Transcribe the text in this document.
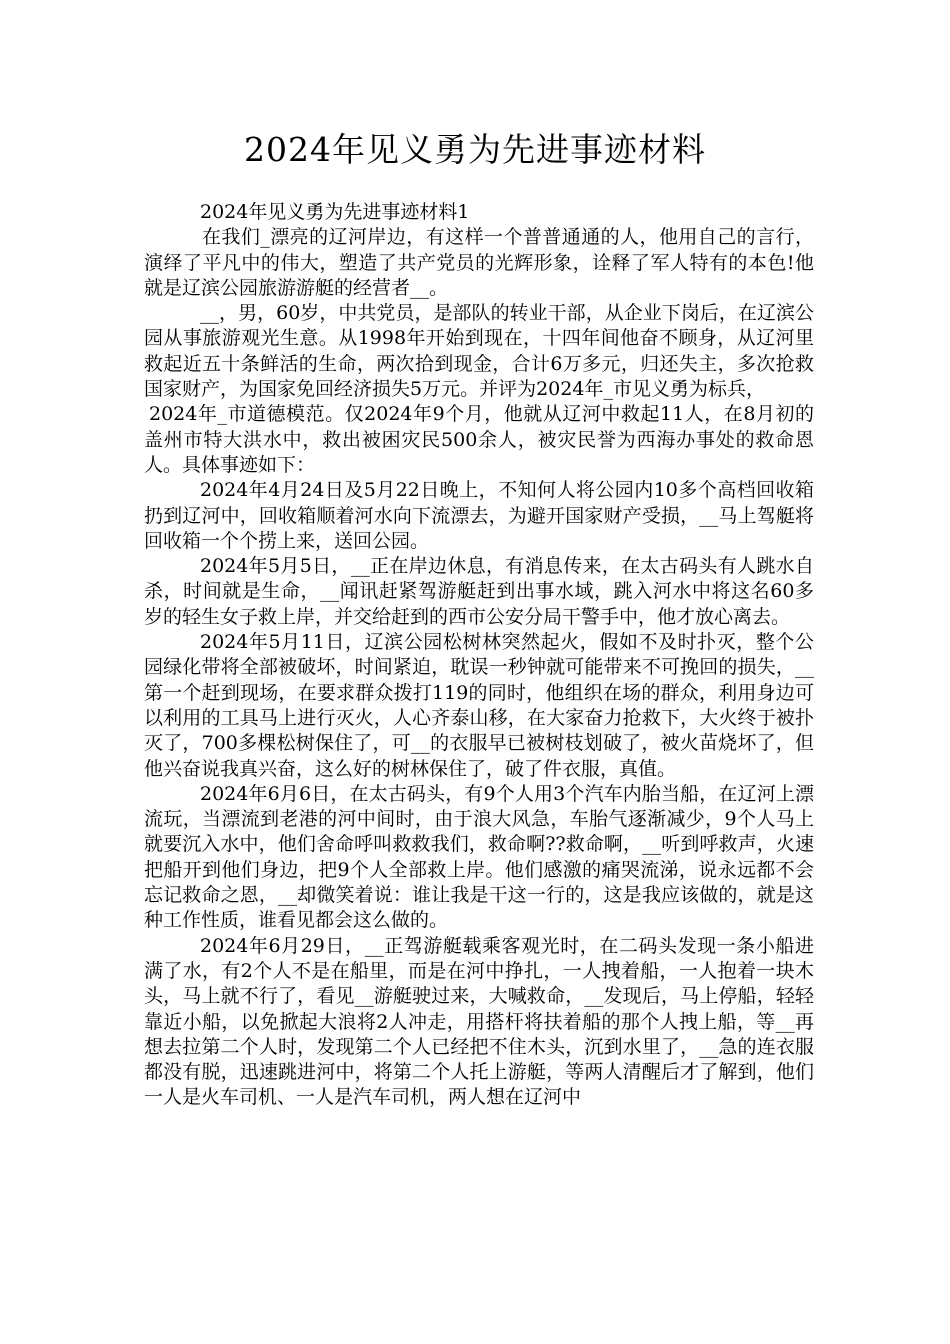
2024年见义勇为先进事迹材料

2024年见义勇为先进事迹材料1

在我们_漂亮的辽河岸边，有这样一个普普通通的人，他用自己的言行，演绎了平凡中的伟大，塑造了共产党员的光辉形象，诠释了军人特有的本色!他就是辽滨公园旅游游艇的经营者__。

__，男，60岁，中共党员，是部队的转业干部，从企业下岗后，在辽滨公园从事旅游观光生意。从1998年开始到现在，十四年间他奋不顾身，从辽河里救起近五十条鲜活的生命，两次拾到现金，合计6万多元，归还失主，多次抢救国家财产，为国家免回经济损失5万元。并评为2024年_市见义勇为标兵，

2024年_市道德模范。仅2024年9个月，他就从辽河中救起11人，在8月初的盖州市特大洪水中，救出被困灾民500余人，被灾民誉为西海办事处的救命恩人。具体事迹如下：

2024年4月24日及5月22日晚上，不知何人将公园内10多个高档回收箱扔到辽河中，回收箱顺着河水向下流漂去，为避开国家财产受损，__马上驾艇将回收箱一个个捞上来，送回公园。

2024年5月5日，__正在岸边休息，有消息传来，在太古码头有人跳水自杀，时间就是生命，__闻讯赶紧驾游艇赶到出事水域，跳入河水中将这名60多岁的轻生女子救上岸，并交给赶到的西市公安分局干警手中，他才放心离去。

2024年5月11日，辽滨公园松树林突然起火，假如不及时扑灭，整个公园绿化带将全部被破坏，时间紧迫，耽误一秒钟就可能带来不可挽回的损失，__第一个赶到现场，在要求群众拨打119的同时，他组织在场的群众，利用身边可以利用的工具马上进行灭火，人心齐泰山移，在大家奋力抢救下，大火终于被扑灭了，700多棵松树保住了，可__的衣服早已被树枝划破了，被火苗烧坏了，但他兴奋说我真兴奋，这么好的树林保住了，破了件衣服，真值。

2024年6月6日，在太古码头，有9个人用3个汽车内胎当船，在辽河上漂流玩，当漂流到老港的河中间时，由于浪大风急，车胎气逐渐减少，9个人马上就要沉入水中，他们舍命呼叫救救我们，救命啊??救命啊，__听到呼救声，火速把船开到他们身边，把9个人全部救上岸。他们感激的痛哭流涕，说永远都不会忘记救命之恩，__却微笑着说：谁让我是干这一行的，这是我应该做的，就是这种工作性质，谁看见都会这么做的。

2024年6月29日，__正驾游艇载乘客观光时，在二码头发现一条小船进满了水，有2个人不是在船里，而是在河中挣扎，一人拽着船，一人抱着一块木头，马上就不行了，看见__游艇驶过来，大喊救命，__发现后，马上停船，轻轻靠近小船，以免掀起大浪将2人冲走，用搭杆将扶着船的那个人拽上船，等__再想去拉第二个人时，发现第二个人已经把不住木头，沉到水里了，__急的连衣服都没有脱，迅速跳进河中，将第二个人托上游艇，等两人清醒后才了解到，他们一人是火车司机、一人是汽车司机，两人想在辽河中
